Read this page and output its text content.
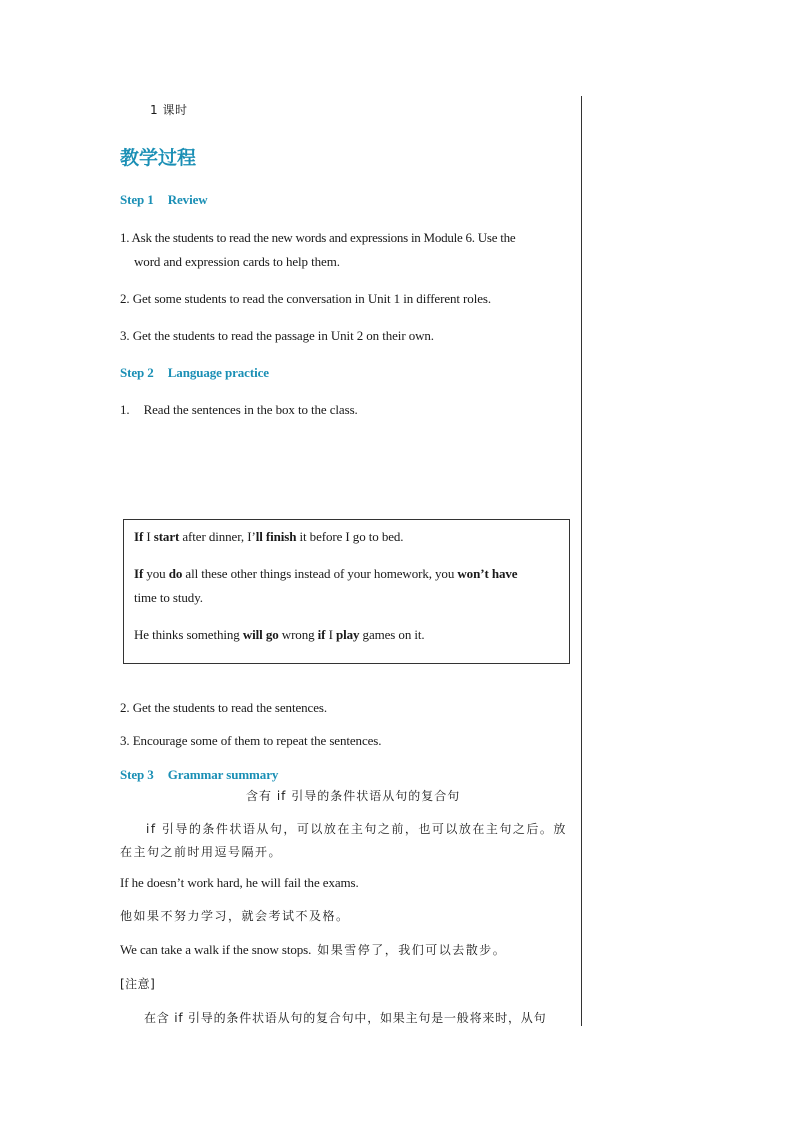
1 课时
教学过程
Step 1 Review
1. Ask the students to read the new words and expressions in Module 6. Use the
word and expression cards to help them.
2. Get some students to read the conversation in Unit 1 in different roles.
3. Get the students to read the passage in Unit 2 on their own.
Step 2 Language practice
1. Read the sentences in the box to the class.
If I start after dinner, I’ll finish it before I go to bed.
If you do all these other things instead of your homework, you won’t have
time to study.
He thinks something will go wrong if I play games on it.
2. Get the students to read the sentences.
3. Encourage some of them to repeat the sentences.
Step 3 Grammar summary
含有 if 引导的条件状语从句的复合句
if 引导的条件状语从句，可以放在主句之前，也可以放在主句之后。放
在主句之前时用逗号隔开。
If he doesn’t work hard, he will fail the exams.
他如果不努力学习，就会考试不及格。
We can take a walk if the snow stops. 如果雪停了，我们可以去散步。
[注意]
在含 if 引导的条件状语从句的复合句中，如果主句是一般将来时，从句
